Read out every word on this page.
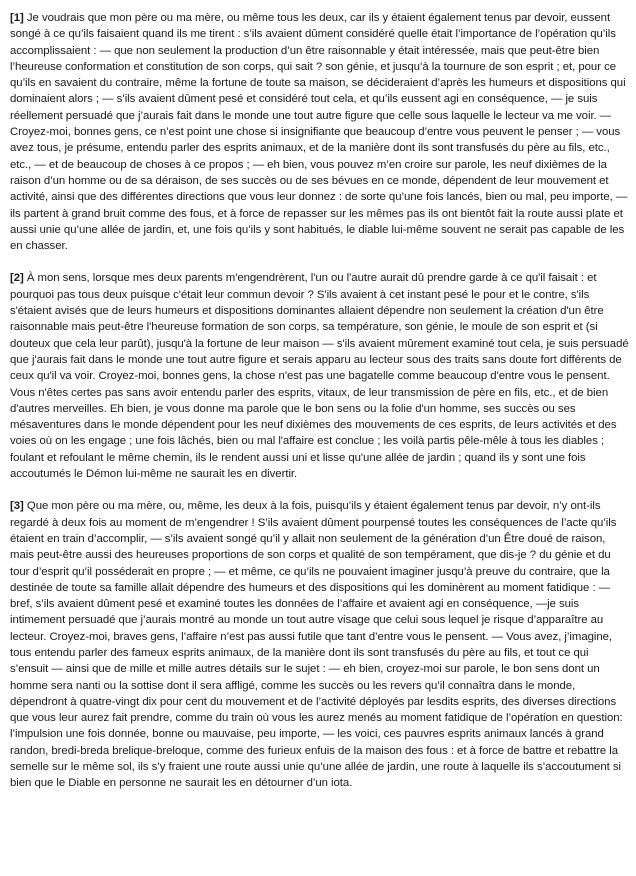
[1] Je voudrais que mon père ou ma mère, ou même tous les deux, car ils y étaient également tenus par devoir, eussent songé à ce qu’ils faisaient quand ils me tirent : s’ils avaient dûment considéré quelle était l’importance de l’opération qu’ils accomplissaient : — que non seulement la production d’un être raisonnable y était intéressée, mais que peut-être bien l’heureuse conformation et constitution de son corps, qui sait ? son génie, et jusqu’à la tournure de son esprit ; et, pour ce qu’ils en savaient du contraire, même la fortune de toute sa maison, se décideraient d’après les humeurs et dispositions qui dominaient alors ; — s’ils avaient dûment pesé et considéré tout cela, et qu’ils eussent agi en conséquence, — je suis réellement persuadé que j’aurais fait dans le monde une tout autre figure que celle sous laquelle le lecteur va me voir. — Croyez-moi, bonnes gens, ce n’est point une chose si insignifiante que beaucoup d’entre vous peuvent le penser ; — vous avez tous, je présume, entendu parler des esprits animaux, et de la manière dont ils sont transfusés du père au fils, etc., etc., — et de beaucoup de choses à ce propos ; — eh bien, vous pouvez m’en croire sur parole, les neuf dixièmes de la raison d’un homme ou de sa déraison, de ses succès ou de ses bévues en ce monde, dépendent de leur mouvement et activité, ainsi que des différentes directions que vous leur donnez : de sorte qu’une fois lancés, bien ou mal, peu importe, — ils partent à grand bruit comme des fous, et à force de repasser sur les mêmes pas ils ont bientôt fait la route aussi plate et aussi unie qu’une allée de jardin, et, une fois qu’ils y sont habitués, le diable lui-même souvent ne serait pas capable de les en chasser.

[2] À mon sens, lorsque mes deux parents m'engendrèrent, l'un ou l'autre aurait dû prendre garde à ce qu'il faisait : et pourquoi pas tous deux puisque c'était leur commun devoir ? S'ils avaient à cet instant pesé le pour et le contre, s'ils s'étaient avisés que de leurs humeurs et dispositions dominantes allaient dépendre non seulement la création d'un être raisonnable mais peut-être l'heureuse formation de son corps, sa température, son génie, le moule de son esprit et (si douteux que cela leur parût), jusqu'à la fortune de leur maison — s'ils avaient mûrement examiné tout cela, je suis persuadé que j'aurais fait dans le monde une tout autre figure et serais apparu au lecteur sous des traits sans doute fort différents de ceux qu'il va voir. Croyez-moi, bonnes gens, la chose n'est pas une bagatelle comme beaucoup d'entre vous le pensent. Vous n'êtes certes pas sans avoir entendu parler des esprits, vitaux, de leur transmission de père en fils, etc., et de bien d'autres merveilles. Eh bien, je vous donne ma parole que le bon sens ou la folie d'un homme, ses succès ou ses mésaventures dans le monde dépendent pour les neuf dixièmes des mouvements de ces esprits, de leurs activités et des voies où on les engage ; une fois lâchés, bien ou mal l'affaire est conclue ; les voilà partis pêle-mêle à tous les diables ; foulant et refoulant le même chemin, ils le rendent aussi uni et lisse qu'une allée de jardin ; quand ils y sont une fois accoutumés le Démon lui-même ne saurait les en divertir.

[3] Que mon père ou ma mère, ou, même, les deux à la fois, puisqu’ils y étaient également tenus par devoir, n’y ont-ils regardé à deux fois au moment de m’engendrer ! S’ils avaient dûment pourpensé toutes les conséquences de l’acte qu’ils étaient en train d’accomplir, — s’ils avaient songé qu’il y allait non seulement de la génération d’un Être doué de raison, mais peut-être aussi des heureuses proportions de son corps et qualité de son tempérament, que dis-je ? du génie et du tour d’esprit qu’il posséderait en propre ; — et même, ce qu’ils ne pouvaient imaginer jusqu’à preuve du contraire, que la destinée de toute sa famille allait dépendre des humeurs et des dispositions qui les dominèrent au moment fatidique : — bref, s’ils avaient dûment pesé et examiné toutes les données de l’affaire et avaient agi en conséquence, —je suis intimement persuadé que j’aurais montré au monde un tout autre visage que celui sous lequel je risque d’apparaître au lecteur. Croyez-moi, braves gens, l’affaire n’est pas aussi futile que tant d’entre vous le pensent. — Vous avez, j’imagine, tous entendu parler des fameux esprits animaux, de la manière dont ils sont transfusés du père au fils, et tout ce qui s’ensuit — ainsi que de mille et mille autres détails sur le sujet : — eh bien, croyez-moi sur parole, le bon sens dont un homme sera nanti ou la sottise dont il sera affligé, comme les succès ou les revers qu’il connaîtra dans le monde, dépendront à quatre-vingt dix pour cent du mouvement et de l’activité déployés par lesdits esprits, des diverses directions que vous leur aurez fait prendre, comme du train où vous les aurez menés au moment fatidique de l’opération en question: l’impulsion une fois donnée, bonne ou mauvaise, peu importe, — les voici, ces pauvres esprits animaux lancés à grand randon, bredi-breda brelique-breloque, comme des furieux enfuis de la maison des fous : et à force de battre et rebattre la semelle sur le même sol, ils s’y fraient une route aussi unie qu’une allée de jardin, une route à laquelle ils s’accoutument si bien que le Diable en personne ne saurait les en détourner d’un iota.
